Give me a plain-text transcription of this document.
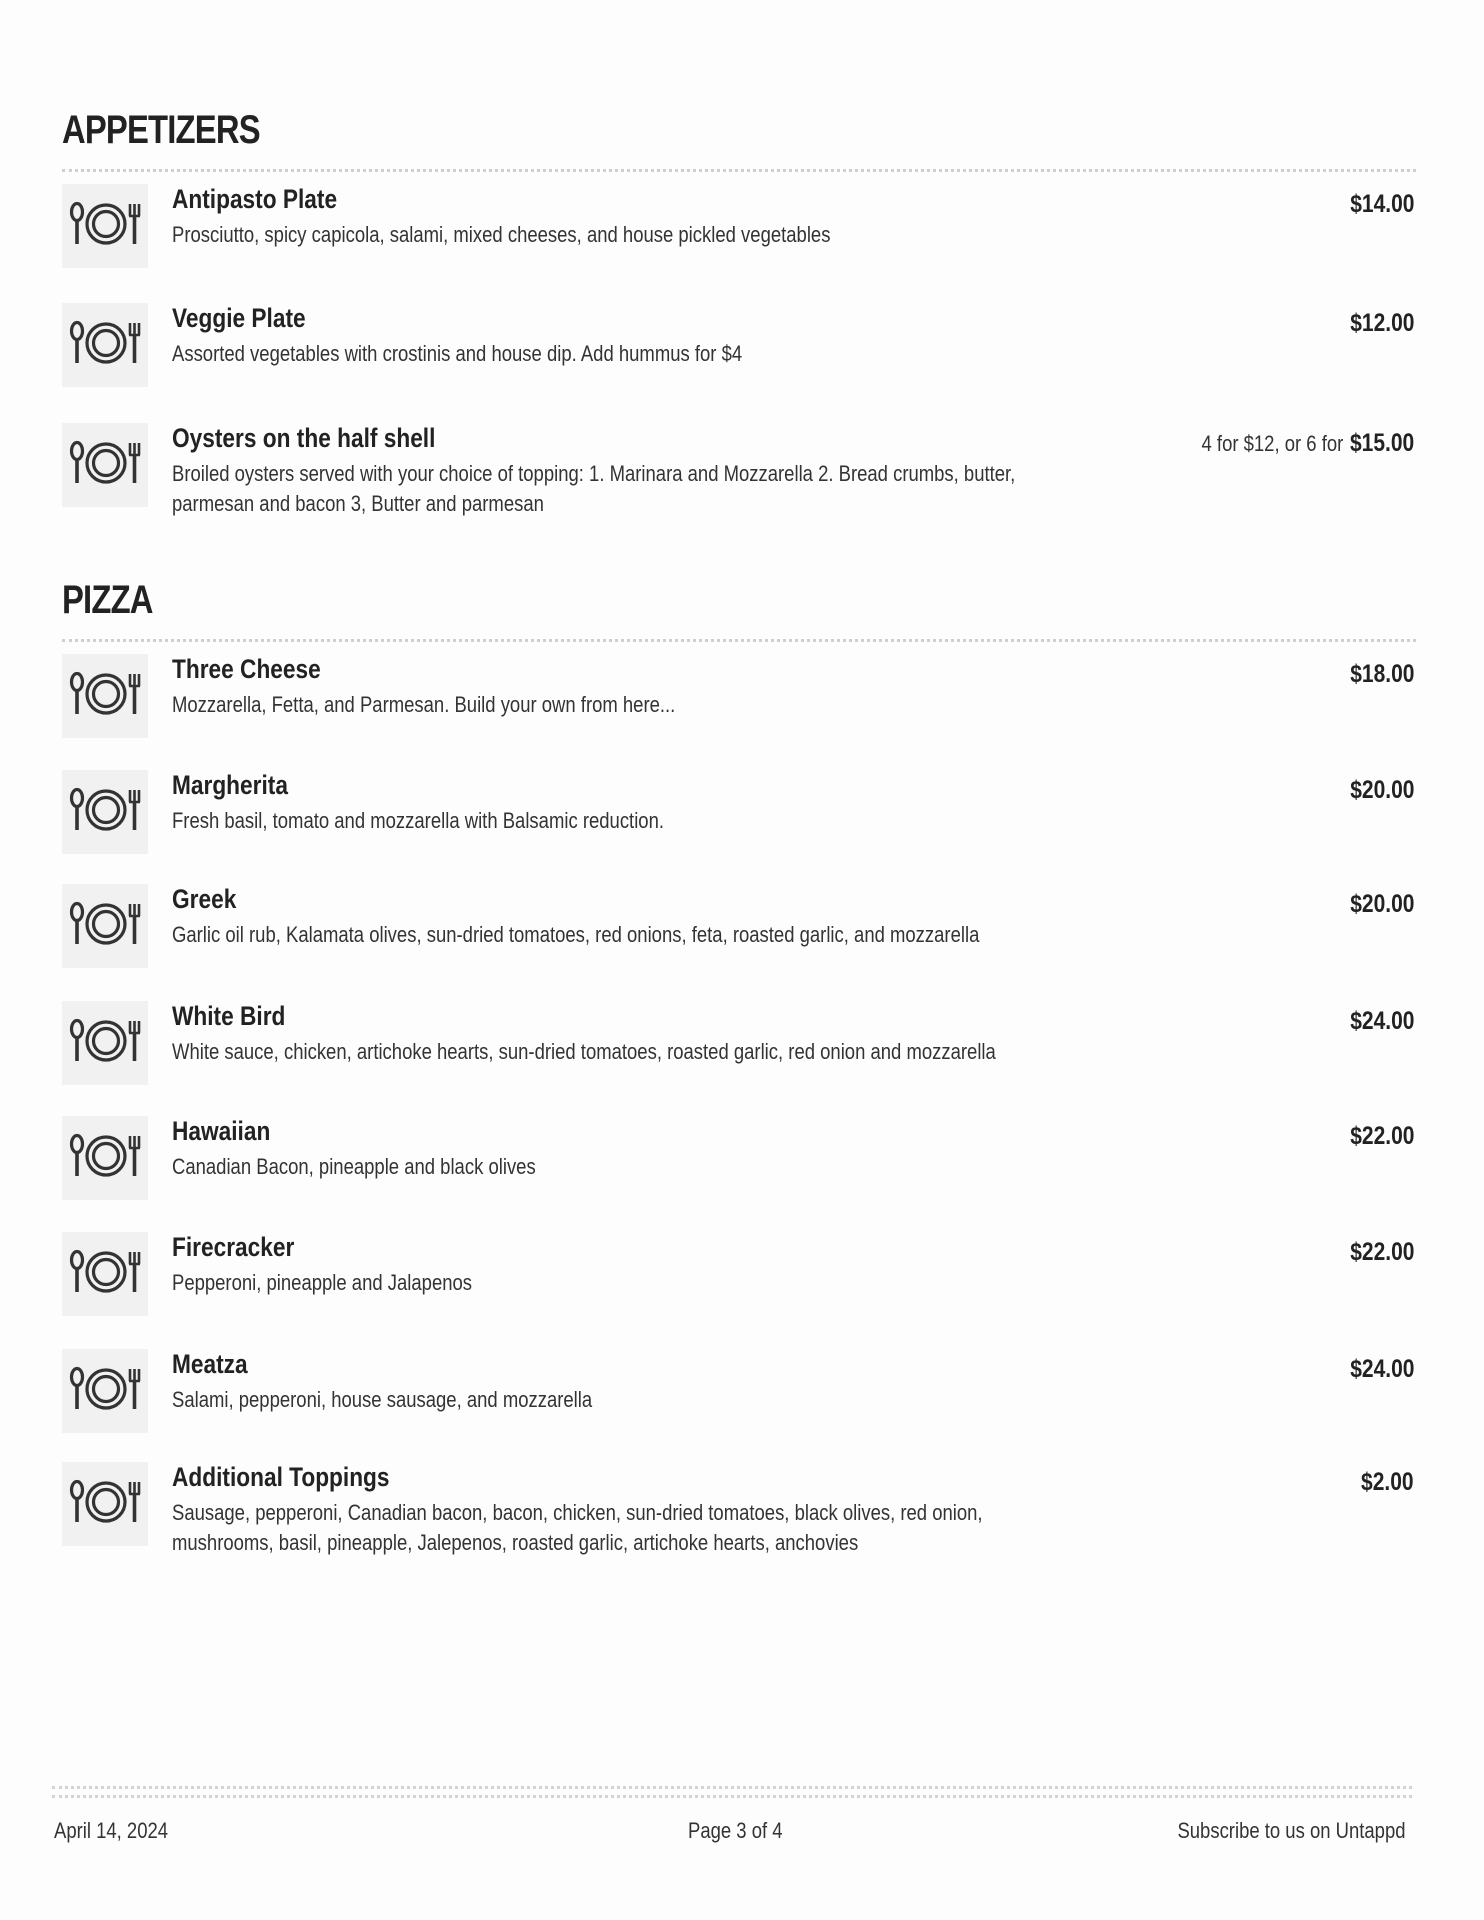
APPETIZERS
Antipasto Plate
Prosciutto, spicy capicola, salami, mixed cheeses, and house pickled vegetables
$14.00
Veggie Plate
Assorted vegetables with crostinis and house dip. Add hummus for $4
$12.00
Oysters on the half shell
Broiled oysters served with your choice of topping: 1. Marinara and Mozzarella 2. Bread crumbs, butter, parmesan and bacon 3, Butter and parmesan
4 for $12, or 6 for $15.00
PIZZA
Three Cheese
Mozzarella, Fetta, and Parmesan. Build your own from here...
$18.00
Margherita
Fresh basil, tomato and mozzarella with Balsamic reduction.
$20.00
Greek
Garlic oil rub, Kalamata olives, sun-dried tomatoes, red onions, feta, roasted garlic, and mozzarella
$20.00
White Bird
White sauce, chicken, artichoke hearts, sun-dried tomatoes, roasted garlic, red onion and mozzarella
$24.00
Hawaiian
Canadian Bacon, pineapple and black olives
$22.00
Firecracker
Pepperoni, pineapple and Jalapenos
$22.00
Meatza
Salami, pepperoni, house sausage, and mozzarella
$24.00
Additional Toppings
Sausage, pepperoni, Canadian bacon, bacon, chicken, sun-dried tomatoes, black olives, red onion, mushrooms, basil, pineapple, Jalepenos, roasted garlic, artichoke hearts, anchovies
$2.00
April 14, 2024	Page 3 of 4	Subscribe to us on Untappd
